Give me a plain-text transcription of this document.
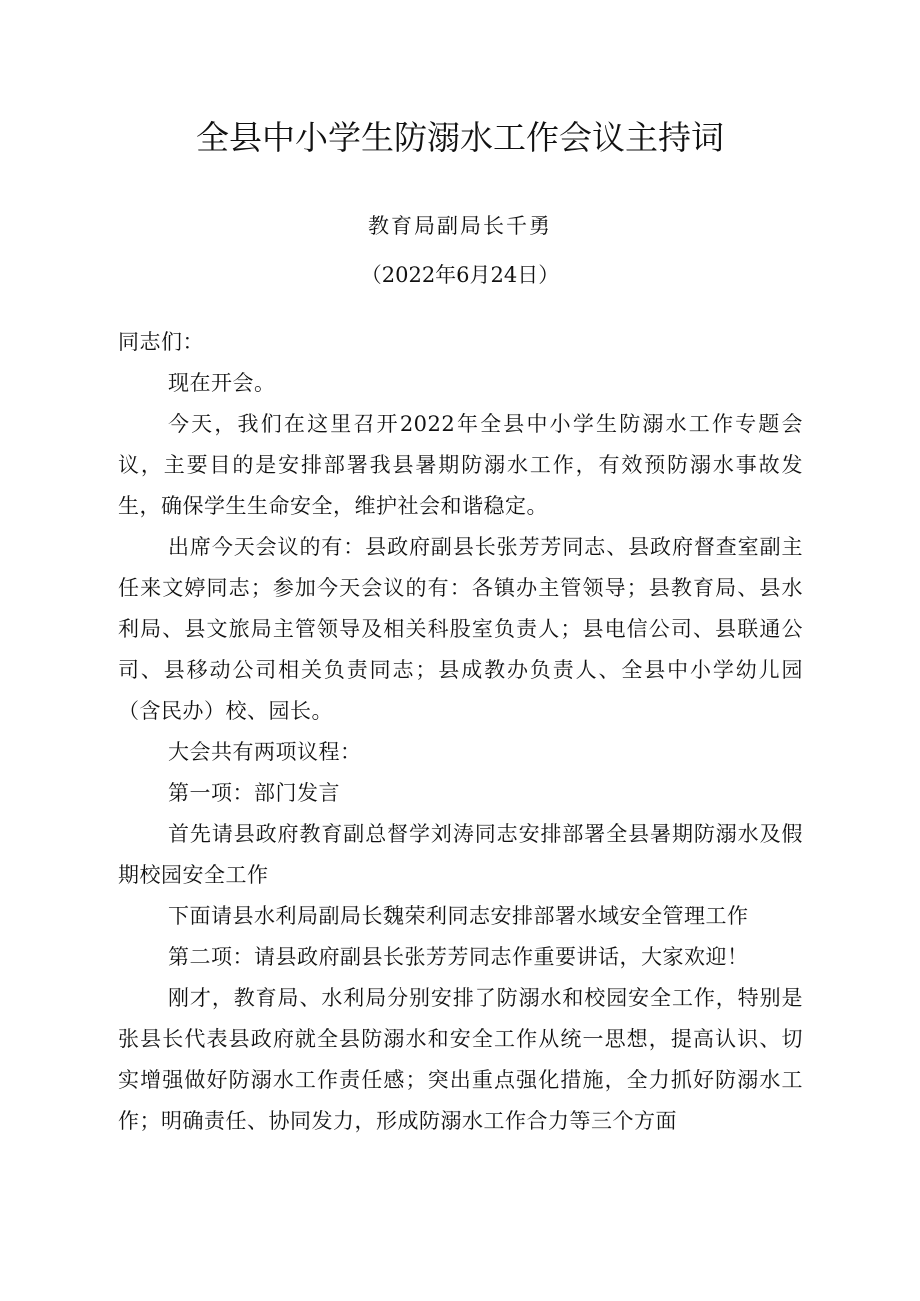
全县中小学生防溺水工作会议主持词
教育局副局长千勇
（2022年6月24日）

同志们：

现在开会。

今天，我们在这里召开2022年全县中小学生防溺水工作专题会议，主要目的是安排部署我县暑期防溺水工作，有效预防溺水事故发生，确保学生生命安全，维护社会和谐稳定。

出席今天会议的有：县政府副县长张芳芳同志、县政府督查室副主任来文婷同志；参加今天会议的有：各镇办主管领导；县教育局、县水利局、县文旅局主管领导及相关科股室负责人；县电信公司、县联通公司、县移动公司相关负责同志；县成教办负责人、全县中小学幼儿园（含民办）校、园长。

大会共有两项议程：

第一项：部门发言

首先请县政府教育副总督学刘涛同志安排部署全县暑期防溺水及假期校园安全工作

下面请县水利局副局长魏荣利同志安排部署水域安全管理工作

第二项：请县政府副县长张芳芳同志作重要讲话，大家欢迎！

刚才，教育局、水利局分别安排了防溺水和校园安全工作，特别是张县长代表县政府就全县防溺水和安全工作从统一思想，提高认识、切实增强做好防溺水工作责任感；突出重点强化措施，全力抓好防溺水工作；明确责任、协同发力，形成防溺水工作合力等三个方面
